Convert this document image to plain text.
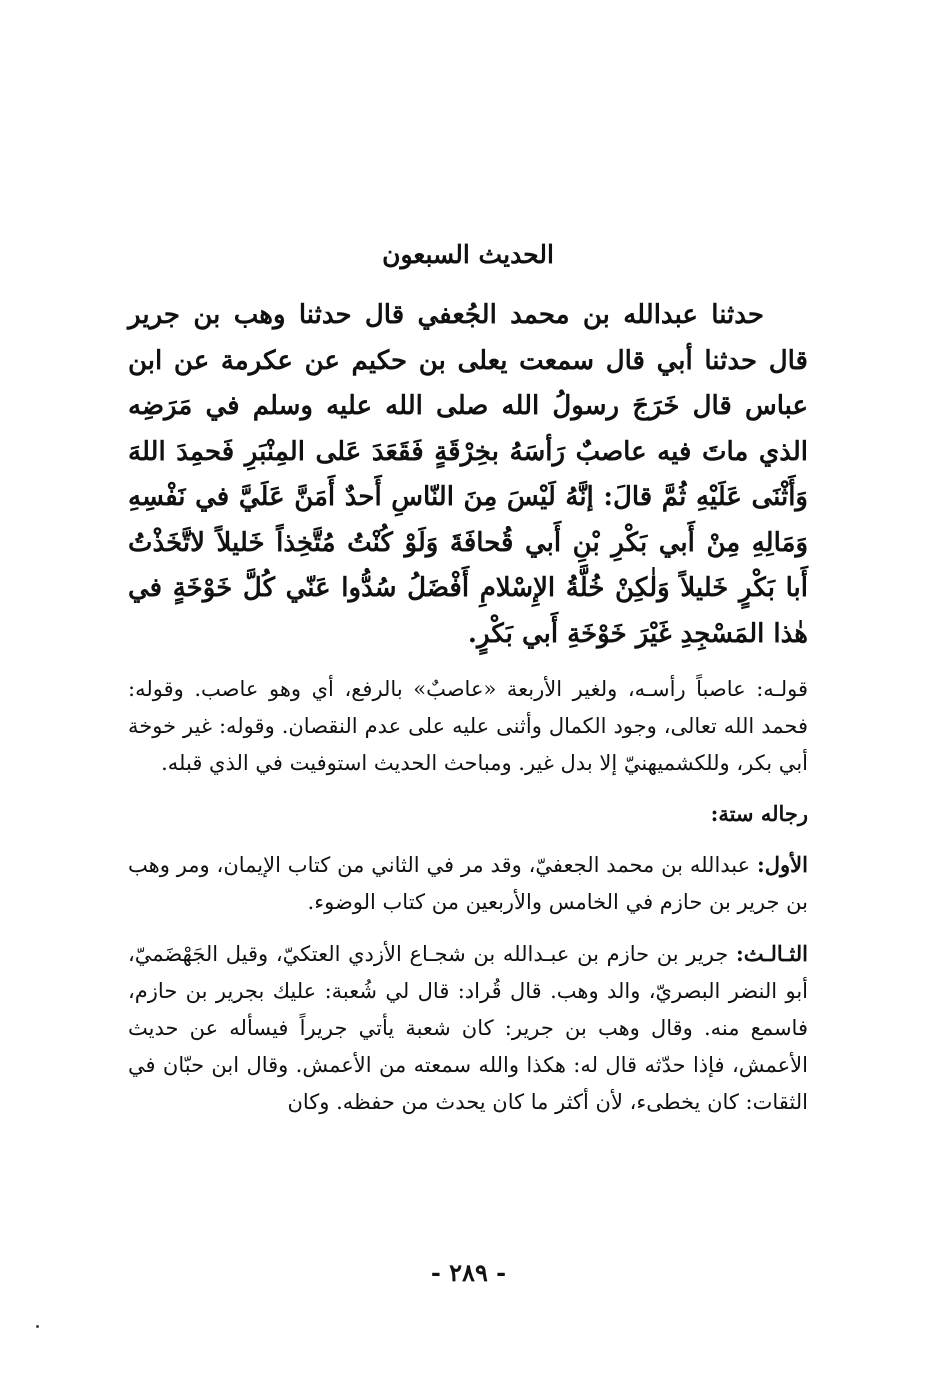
الحديث السبعون

حدثنا عبدالله بن محمد الجُعفي قال حدثنا وهب بن جرير قال حدثنا أبي قال سمعت يعلى بن حكيم عن عكرمة عن ابن عباس قال خَرَجَ رسولُ الله صلى الله عليه وسلم في مَرَضِه الذي ماتَ فيه عاصبٌ رَأسَهُ بخِرْقَةٍ فَقَعَدَ عَلى المِنْبَرِ فَحمِدَ اللهَ وَأَثْنَى عَلَيْهِ ثُمَّ قالَ: إنَّهُ لَيْسَ مِنَ النّاسِ أَحدٌ أَمَنَّ عَلَيَّ في نَفْسِهِ وَمَالِهِ مِنْ أَبي بَكْرِ بْنِ أَبي قُحافَةَ وَلَوْ كُنْتُ مُتَّخِذاً خَليلاً لاتَّخَذْتُ أَبا بَكْرٍ خَليلاً وَلٰكِنْ خُلَّةُ الإِسْلامِ أَفْضَلُ سُدُّوا عَنّي كُلَّ خَوْخَةٍ في هٰذا المَسْجِدِ غَيْرَ خَوْخَةِ أَبي بَكْرٍ.

قولـه: عاصباً رأسـه، ولغير الأربعة «عاصبٌ» بالرفع، أي وهو عاصب. وقوله: فحمد الله تعالى، وجود الكمال وأثنى عليه على عدم النقصان. وقوله: غير خوخة أبي بكر، وللكشميهنيّ إلا بدل غير. ومباحث الحديث استوفيت في الذي قبله.

رجاله ستة:

الأول: عبدالله بن محمد الجعفيّ، وقد مر في الثاني من كتاب الإيمان، ومر وهب بن جرير بن حازم في الخامس والأربعين من كتاب الوضوء.

الثـالـث: جرير بن حازم بن عبـدالله بن شجـاع الأزدي العتكيّ، وقيل الجَهْضَميّ، أبو النضر البصريّ، والد وهب. قال قُراد: قال لي شُعبة: عليك بجرير بن حازم، فاسمع منه. وقال وهب بن جرير: كان شعبة يأتي جريراً فيسأله عن حديث الأعمش، فإذا حدّثه قال له: هكذا والله سمعته من الأعمش. وقال ابن حبّان في الثقات: كان يخطىء، لأن أكثر ما كان يحدث من حفظه. وكان

- ٢٨٩ -
